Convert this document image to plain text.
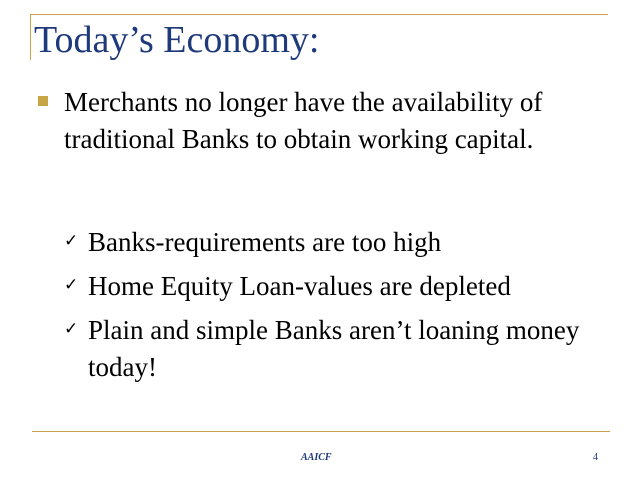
Today’s Economy:

Merchants no longer have the availability of traditional Banks to obtain working capital.

✓ Banks-requirements are too high
✓ Home Equity Loan-values are depleted
✓ Plain and simple Banks aren’t loaning money today!
AAICF	4
